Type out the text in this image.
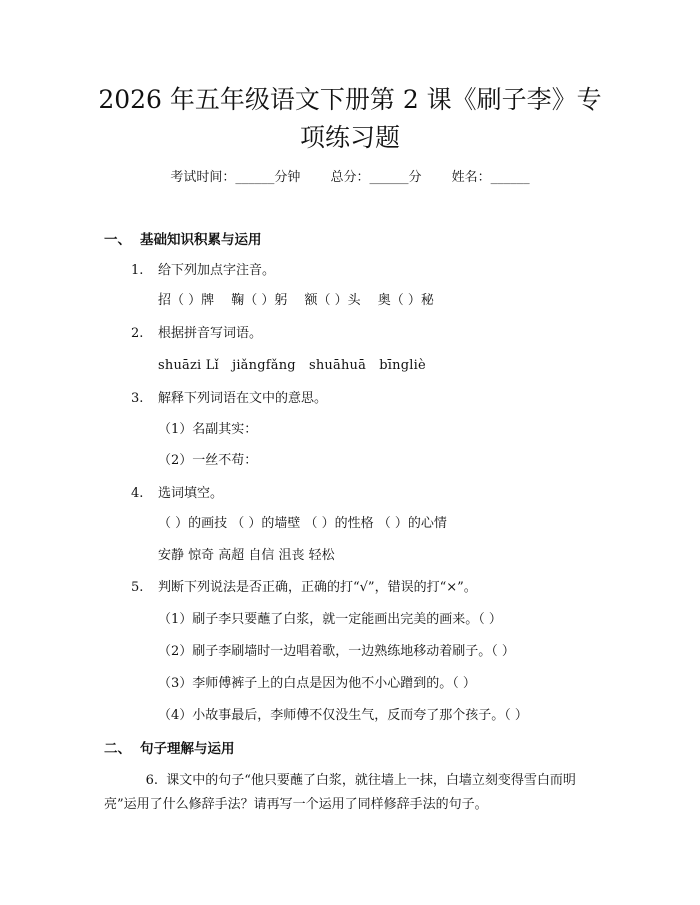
2026 年五年级语文下册第 2 课《刷子李》专
项练习题
考试时间：______分钟 总分：______分 姓名：______
一、 基础知识积累与运用
1. 给下列加点字注音。
招（ ）牌　 鞠（ ）躬　 额（ ）头　 奥（ ）秘
2. 根据拼音写词语。
shuāzi Lǐ　jiǎngfǎng　shuāhuā　bīngliè
3. 解释下列词语在文中的意思。
（1）名副其实：
（2）一丝不苟：
4. 选词填空。
（ ）的画技 （ ）的墙壁 （ ）的性格 （ ）的心情
安静 惊奇 高超 自信 沮丧 轻松
5. 判断下列说法是否正确，正确的打“√”，错误的打“×”。
（1）刷子李只要蘸了白浆，就一定能画出完美的画来。（ ）
（2）刷子李刷墙时一边唱着歌，一边熟练地移动着刷子。（ ）
（3）李师傅裤子上的白点是因为他不小心蹭到的。（ ）
（4）小故事最后，李师傅不仅没生气，反而夸了那个孩子。（ ）
二、 句子理解与运用
6. 课文中的句子“他只要蘸了白浆，就往墙上一抹，白墙立刻变得雪白而明亮”运用了什么修辞手法？请再写一个运用了同样修辞手法的句子。
